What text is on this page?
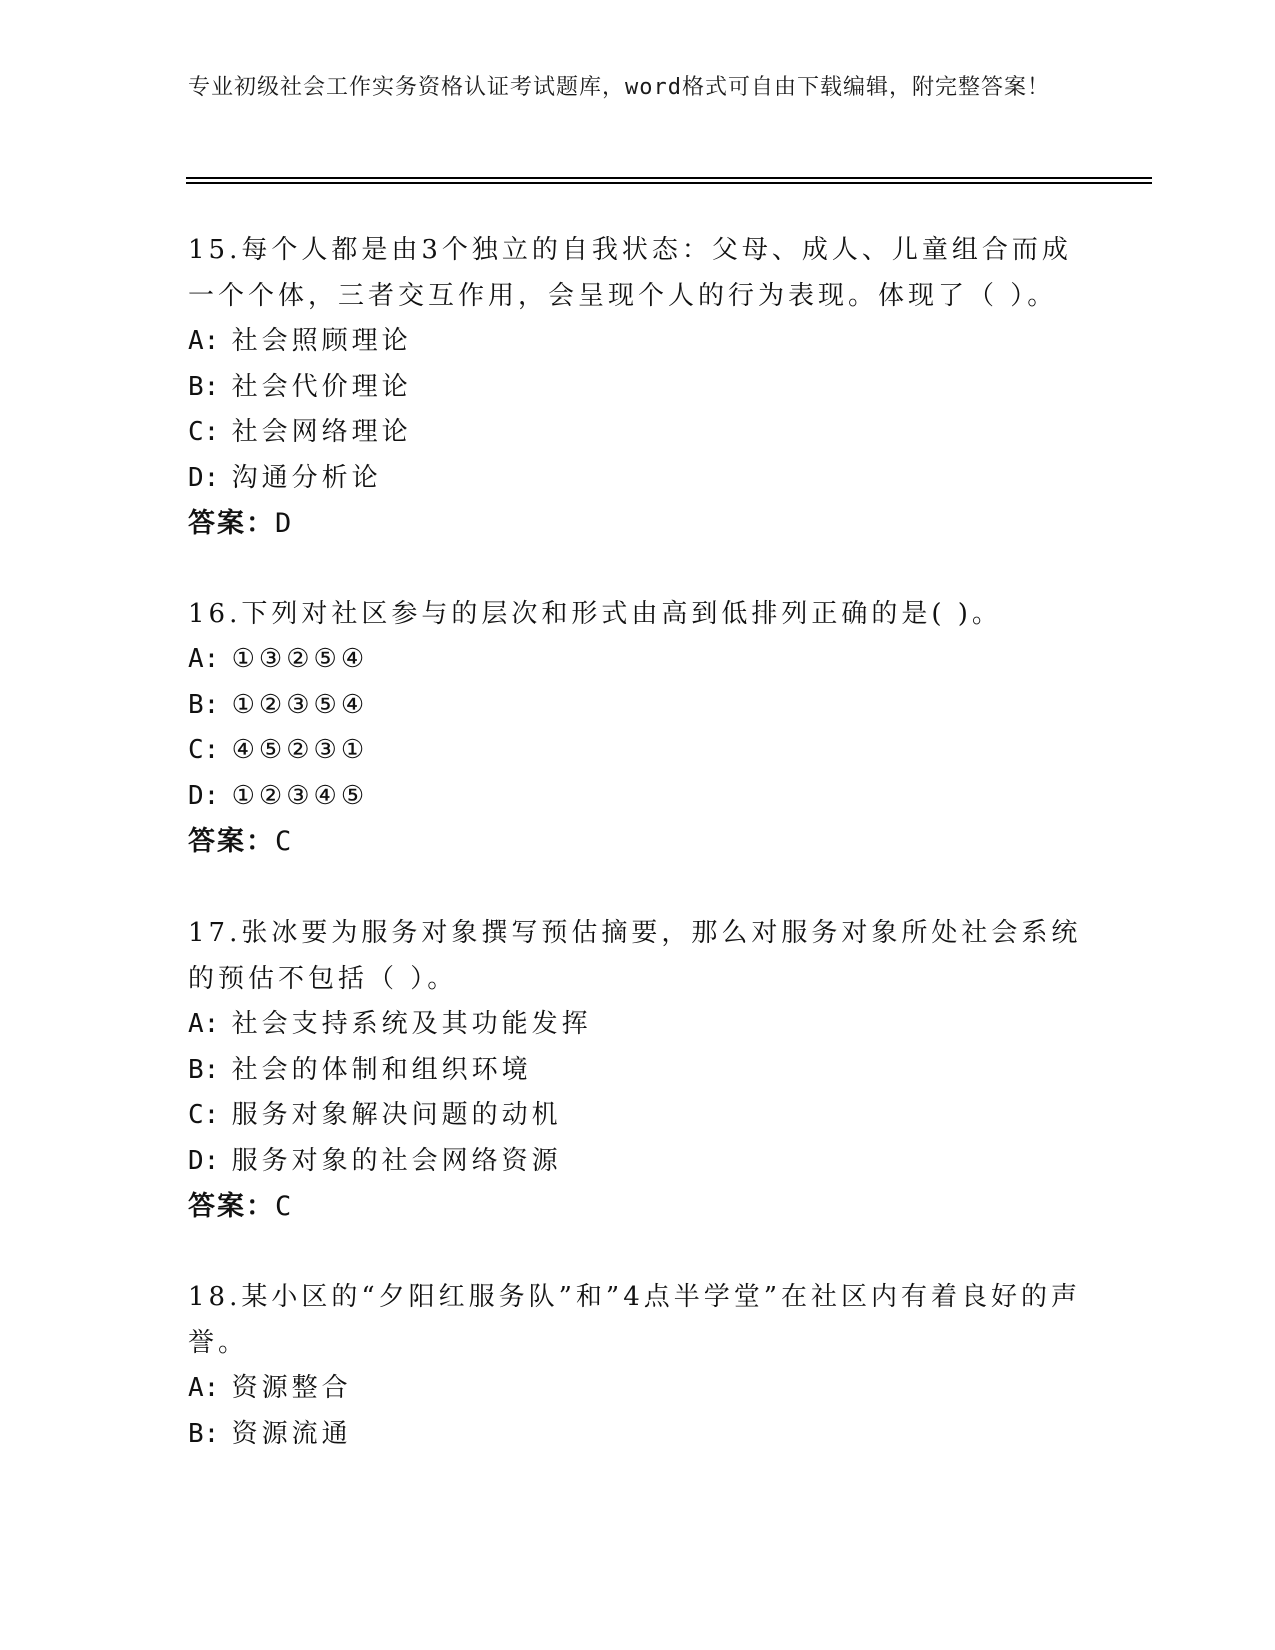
专业初级社会工作实务资格认证考试题库，word格式可自由下载编辑，附完整答案！

15.每个人都是由3个独立的自我状态：父母、成人、儿童组合而成一个个体，三者交互作用，会呈现个人的行为表现。体现了（ ）。

A: 社会照顾理论

B: 社会代价理论

C: 社会网络理论

D: 沟通分析论

答案：D

16.下列对社区参与的层次和形式由高到低排列正确的是( )。

A: ①③②⑤④

B: ①②③⑤④

C: ④⑤②③①

D: ①②③④⑤

答案：C

17.张冰要为服务对象撰写预估摘要，那么对服务对象所处社会系统的预估不包括（ ）。

A: 社会支持系统及其功能发挥

B: 社会的体制和组织环境

C: 服务对象解决问题的动机

D: 服务对象的社会网络资源

答案：C

18.某小区的“夕阳红服务队”和”4点半学堂”在社区内有着良好的声誉。

A: 资源整合

B: 资源流通
